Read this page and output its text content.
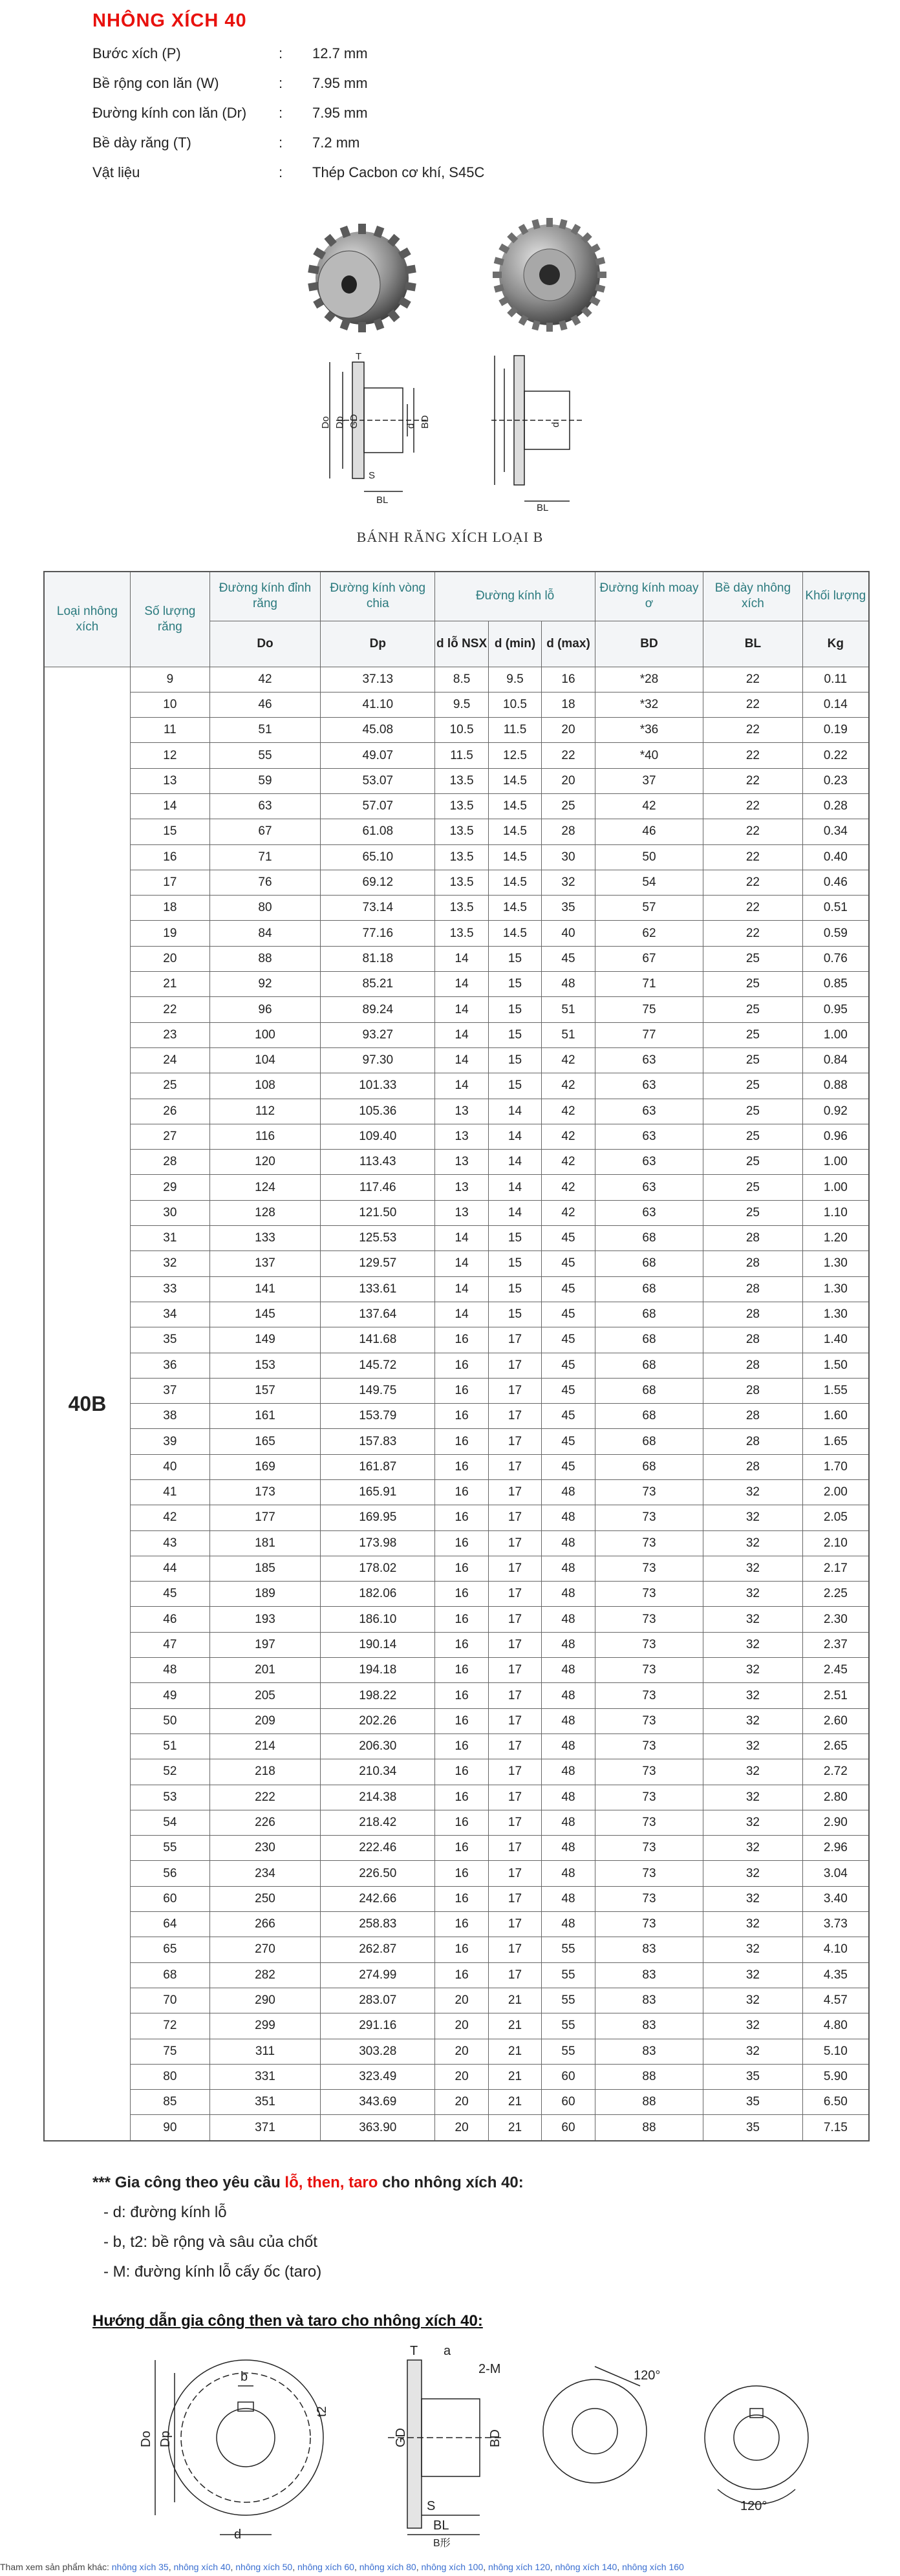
NHÔNG XÍCH 40
Bước xích (P)	: 12.7 mm
Bề rộng con lăn (W)	: 7.95 mm
Đường kính con lăn (Dr) : 7.95 mm
Bề dày răng (T)	: 7.2 mm
Vật liệu	: Thép Cacbon cơ khí, S45C
Do Dp GD	d BD
T
S
BL
BL
d
BÁNH RĂNG XÍCH LOẠI B
Loại nhông xích	Số lượng răng	Đường kính đỉnh răng	Đường kính vòng chia	Đường kính lỗ			Đường kính moay ơ	Bề dày nhông xích	Khối lượng
		Do	Dp	d lỗ NSX	d (min)	d (max)	BD	BL	Kg
40B	9	42	37.13	8.5	9.5	16	*28	22	0.11
	10	46	41.10	9.5	10.5	18	*32	22	0.14
	11	51	45.08	10.5	11.5	20	*36	22	0.19
	12	55	49.07	11.5	12.5	22	*40	22	0.22
	13	59	53.07	13.5	14.5	20	37	22	0.23
	14	63	57.07	13.5	14.5	25	42	22	0.28
	15	67	61.08	13.5	14.5	28	46	22	0.34
	16	71	65.10	13.5	14.5	30	50	22	0.40
	17	76	69.12	13.5	14.5	32	54	22	0.46
	18	80	73.14	13.5	14.5	35	57	22	0.51
	19	84	77.16	13.5	14.5	40	62	22	0.59
	20	88	81.18	14	15	45	67	25	0.76
	21	92	85.21	14	15	48	71	25	0.85
	22	96	89.24	14	15	51	75	25	0.95
	23	100	93.27	14	15	51	77	25	1.00
	24	104	97.30	14	15	42	63	25	0.84
	25	108	101.33	14	15	42	63	25	0.88
	26	112	105.36	13	14	42	63	25	0.92
	27	116	109.40	13	14	42	63	25	0.96
	28	120	113.43	13	14	42	63	25	1.00
	29	124	117.46	13	14	42	63	25	1.00
	30	128	121.50	13	14	42	63	25	1.10
	31	133	125.53	14	15	45	68	28	1.20
	32	137	129.57	14	15	45	68	28	1.30
	33	141	133.61	14	15	45	68	28	1.30
	34	145	137.64	14	15	45	68	28	1.30
	35	149	141.68	16	17	45	68	28	1.40
	36	153	145.72	16	17	45	68	28	1.50
	37	157	149.75	16	17	45	68	28	1.55
	38	161	153.79	16	17	45	68	28	1.60
	39	165	157.83	16	17	45	68	28	1.65
	40	169	161.87	16	17	45	68	28	1.70
	41	173	165.91	16	17	48	73	32	2.00
	42	177	169.95	16	17	48	73	32	2.05
	43	181	173.98	16	17	48	73	32	2.10
	44	185	178.02	16	17	48	73	32	2.17
	45	189	182.06	16	17	48	73	32	2.25
	46	193	186.10	16	17	48	73	32	2.30
	47	197	190.14	16	17	48	73	32	2.37
	48	201	194.18	16	17	48	73	32	2.45
	49	205	198.22	16	17	48	73	32	2.51
	50	209	202.26	16	17	48	73	32	2.60
	51	214	206.30	16	17	48	73	32	2.65
	52	218	210.34	16	17	48	73	32	2.72
	53	222	214.38	16	17	48	73	32	2.80
	54	226	218.42	16	17	48	73	32	2.90
	55	230	222.46	16	17	48	73	32	2.96
	56	234	226.50	16	17	48	73	32	3.04
	60	250	242.66	16	17	48	73	32	3.40
	64	266	258.83	16	17	48	73	32	3.73
	65	270	262.87	16	17	55	83	32	4.10
	68	282	274.99	16	17	55	83	32	4.35
	70	290	283.07	20	21	55	83	32	4.57
	72	299	291.16	20	21	55	83	32	4.80
	75	311	303.28	20	21	55	83	32	5.10
	80	331	323.49	20	21	60	88	35	5.90
	85	351	343.69	20	21	60	88	35	6.50
	90	371	363.90	20	21	60	88	35	7.15
*** Gia công theo yêu cầu lỗ, then, taro cho nhông xích 40:
- d: đường kính lỗ
- b, t2: bề rộng và sâu của chốt
- M: đường kính lỗ cấy ốc (taro)
Hướng dẫn gia công then và taro cho nhông xích 40:
Do Dp
b
t2
d
GD	BD
T a
2-M
S
BL
B形
120°
120°
Tham xem sản phẩm khác: nhông xích 35, nhông xích 40, nhông xích 50, nhông xích 60, nhông xích 80, nhông xích 100, nhông xích 120, nhông xích 140, nhông xích 160
